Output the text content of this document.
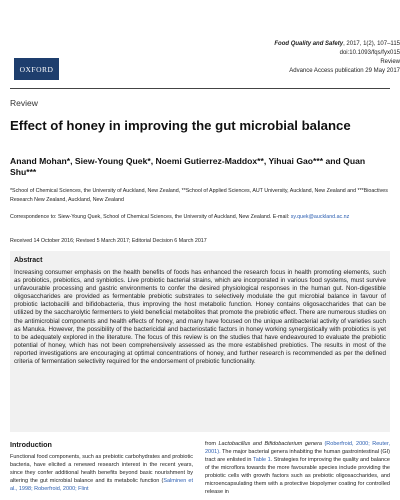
OXFORD
Food Quality and Safety, 2017, 1(2), 107–115
doi:10.1093/fqs/fyx015
Review
Advance Access publication 29 May 2017
Review
Effect of honey in improving the gut microbial balance

Anand Mohan*, Siew-Young Quek*, Noemi Gutierrez-Maddox**, Yihuai Gao*** and Quan Shu***

*School of Chemical Sciences, the University of Auckland, New Zealand, **School of Applied Sciences, AUT University, Auckland, New Zealand and ***Bioactives Research New Zealand, Auckland, New Zealand

Correspondence to: Siew-Young Quek, School of Chemical Sciences, the University of Auckland, New Zealand. E-mail: sy.quek@auckland.ac.nz

Received 14 October 2016; Revised 5 March 2017; Editorial Decision 6 March 2017

Abstract

Increasing consumer emphasis on the health benefits of foods has enhanced the research focus in health promoting elements, such as probiotics, prebiotics, and synbiotics. Live probiotic bacterial strains, which are incorporated in various food systems, must survive unfavourable processing and gastric environments to confer the desired physiological responses in the human gut. Non-digestible oligosaccharides are provided as fermentable prebiotic substrates to selectively modulate the gut microbial balance in favour of probiotic lactobacilli and bifidobacteria, thus improving the host metabolic function. Honey contains oligosaccharides that can be utilized by the saccharolytic fermenters to yield beneficial metabolites that promote the prebiotic effect. There are numerous studies on the antimicrobial components and health effects of honey, and many have focused on the unique antibacterial activity of varieties such as Manuka. However, the possibility of the bactericidal and bacteriostatic factors in honey working synergistically with probiotics is yet to be adequately explored in the literature. The focus of this review is on the studies that have endeavoured to evaluate the prebiotic potential of honey, which has not been comprehensively assessed as the more established prebiotics. The results in most of the reported investigations are encouraging at optimal concentrations of honey, and further research is recommended as per the defined criteria of fermentation selectivity required for the endorsement of prebiotic functionality.

Introduction

Functional food components, such as prebiotic carbohydrates and probiotic bacteria, have elicited a renewed research interest in the recent years, since they confer additional health benefits beyond basic nourishment by altering the gut microbial balance and its metabolic function (Salminen et al., 1998; Roberfroid, 2000; Flint

from Lactobacillus and Bifidobacterium genera (Roberfroid, 2000; Reuter, 2001). The major bacterial genera inhabiting the human gastrointestinal (GI) tract are enlisted in Table 1. Strategies for improving the quality and balance of the microflora towards the more favourable species include providing the probiotic cells with growth factors such as prebiotic oligosaccharides, and microencapsulating them with a protective biopolymer coating for controlled release in
